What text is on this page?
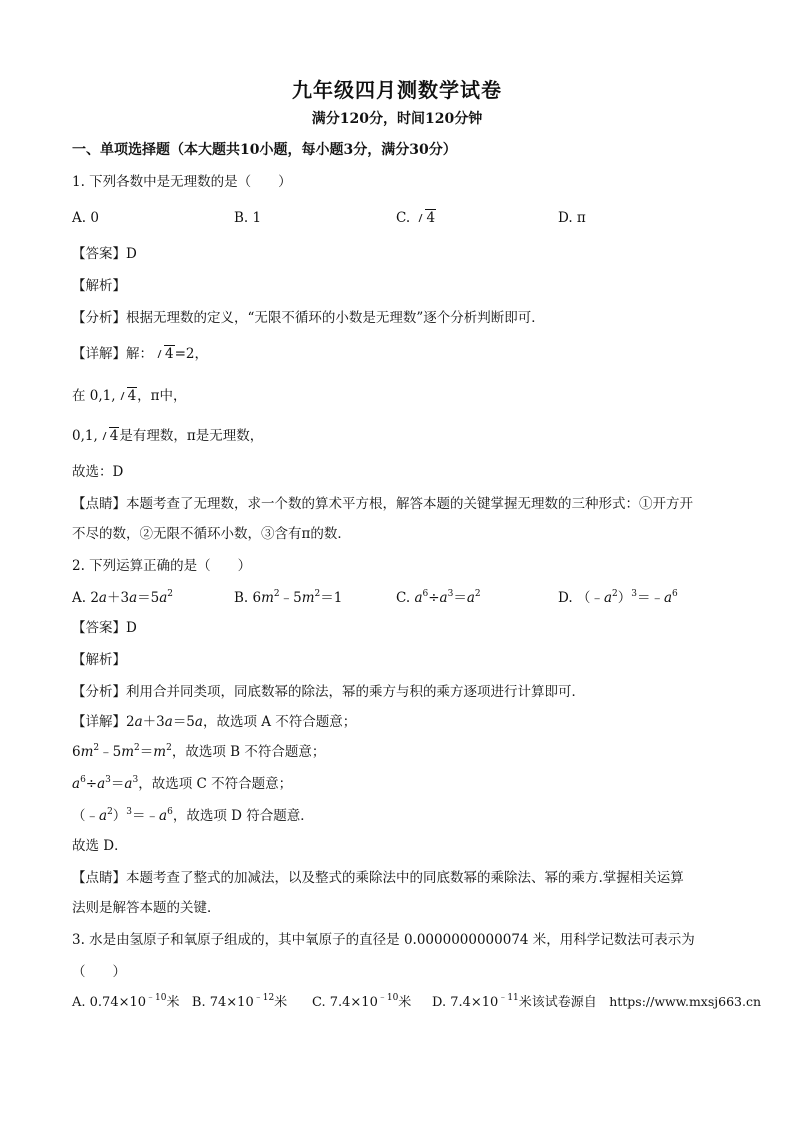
九年级四月测数学试卷
满分120分，时间120分钟
一、单项选择题（本大题共10小题，每小题3分，满分30分）
1. 下列各数中是无理数的是（　　）
A. 0	B. 1	C. 4	D. π
【答案】D
【解析】
【分析】根据无理数的定义，“无限不循环的小数是无理数”逐个分析判断即可．
【详解】解： 4=2，
在 0,1, 4，π中，
0,1, 4是有理数，π是无理数，
故选：D
【点睛】本题考查了无理数，求一个数的算术平方根，解答本题的关键掌握无理数的三种形式：①开方开
不尽的数，②无限不循环小数，③含有π的数．
2. 下列运算正确的是（　　）
A. $2a+3a=5a^2$	B. $6m^2﹣5m^2=1$	C. $a^6\div a^3=a^2$	D. $(﹣a^2)^3=﹣a^6$
【答案】D
【解析】
【分析】利用合并同类项，同底数幂的除法，幂的乘方与积的乘方逐项进行计算即可．
【详解】2a＋3a＝5a，故选项 A 不符合题意；
$6m^2﹣5m^2=m^2$，故选项 B 不符合题意；
$a^6\div a^3=a^3$，故选项 C 不符合题意；
$(﹣a^2)^3=﹣a^6$，故选项 D 符合题意．
故选 D．
【点睛】本题考查了整式的加减法，以及整式的乘除法中的同底数幂的乘除法、幂的乘方.掌握相关运算
法则是解答本题的关键．
3. 水是由氢原子和氧原子组成的，其中氧原子的直径是 0.0000000000074 米，用科学记数法可表示为
（　　）
A. $0.74\times 10^{﹣10}$米 B. $74\times 10^{﹣12}$米 C. $7.4\times 10^{﹣10}$米 D. $7.4\times 10^{﹣11}$米该试卷源自 https://www.mxsj663.cn
